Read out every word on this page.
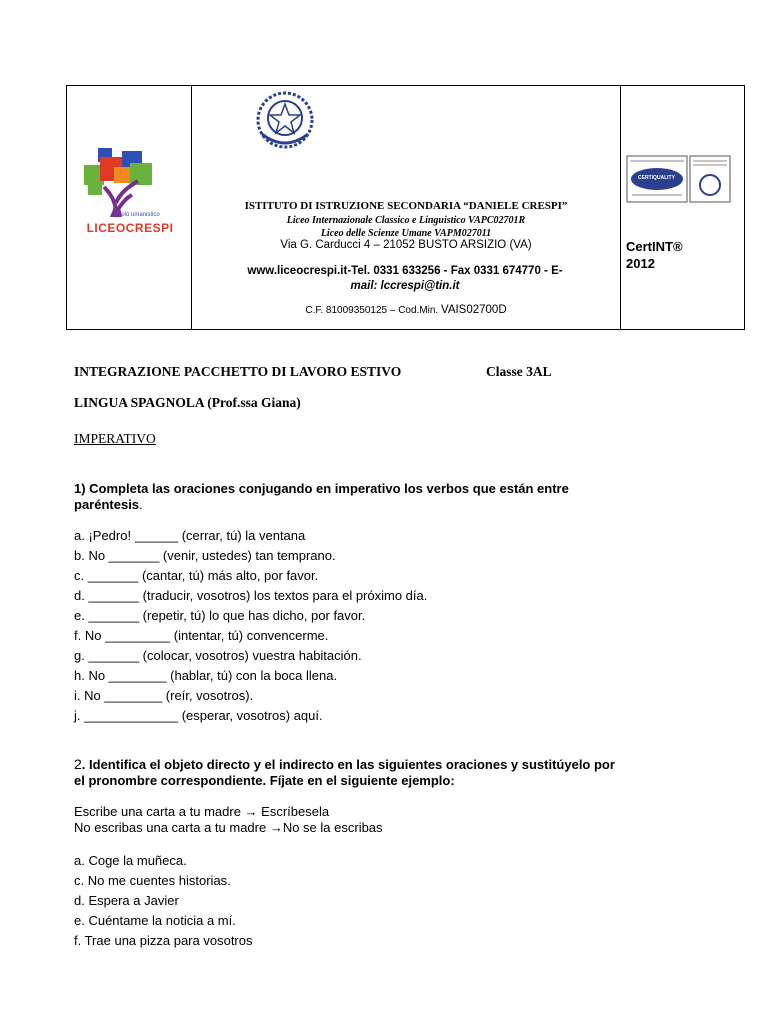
polo umanistico
LICEOCRESPI
ISTITUTO DI ISTRUZIONE SECONDARIA “DANIELE CRESPI”
Liceo Internazionale Classico e Linguistico VAPC02701R
Liceo delle Scienze Umane VAPM027011
Via G. Carducci 4 – 21052 BUSTO ARSIZIO (VA)
www.liceocrespi.it-Tel. 0331 633256 - Fax 0331 674770 - E-
mail: lccrespi@tin.it
C.F. 81009350125 – Cod.Min. VAIS02700D
CERTIQUALITY
CertINT®
2012
INTEGRAZIONE PACCHETTO DI LAVORO ESTIVO	Classe 3AL
LINGUA SPAGNOLA (Prof.ssa Giana)
IMPERATIVO
1) Completa las oraciones conjugando en imperativo los verbos que están entre
paréntesis.
a. ¡Pedro! ______ (cerrar, tú) la ventana
b. No _______ (venir, ustedes) tan temprano.
c. _______ (cantar, tú) más alto, por favor.
d. _______ (traducir, vosotros) los textos para el próximo día.
e. _______ (repetir, tú) lo que has dicho, por favor.
f. No _________ (intentar, tú) convencerme.
g. _______ (colocar, vosotros) vuestra habitación.
h. No ________ (hablar, tú) con la boca llena.
i. No ________ (reír, vosotros).
j. _____________ (esperar, vosotros) aquí.
2. Identifica el objeto directo y el indirecto en las siguientes oraciones y sustitúyelo por
el pronombre correspondiente. Fíjate en el siguiente ejemplo:
Escribe una carta a tu madre → Escríbesela
No escribas una carta a tu madre →No se la escribas
a. Coge la muñeca.
c. No me cuentes historias.
d. Espera a Javier
e. Cuéntame la noticia a mí.
f. Trae una pizza para vosotros
